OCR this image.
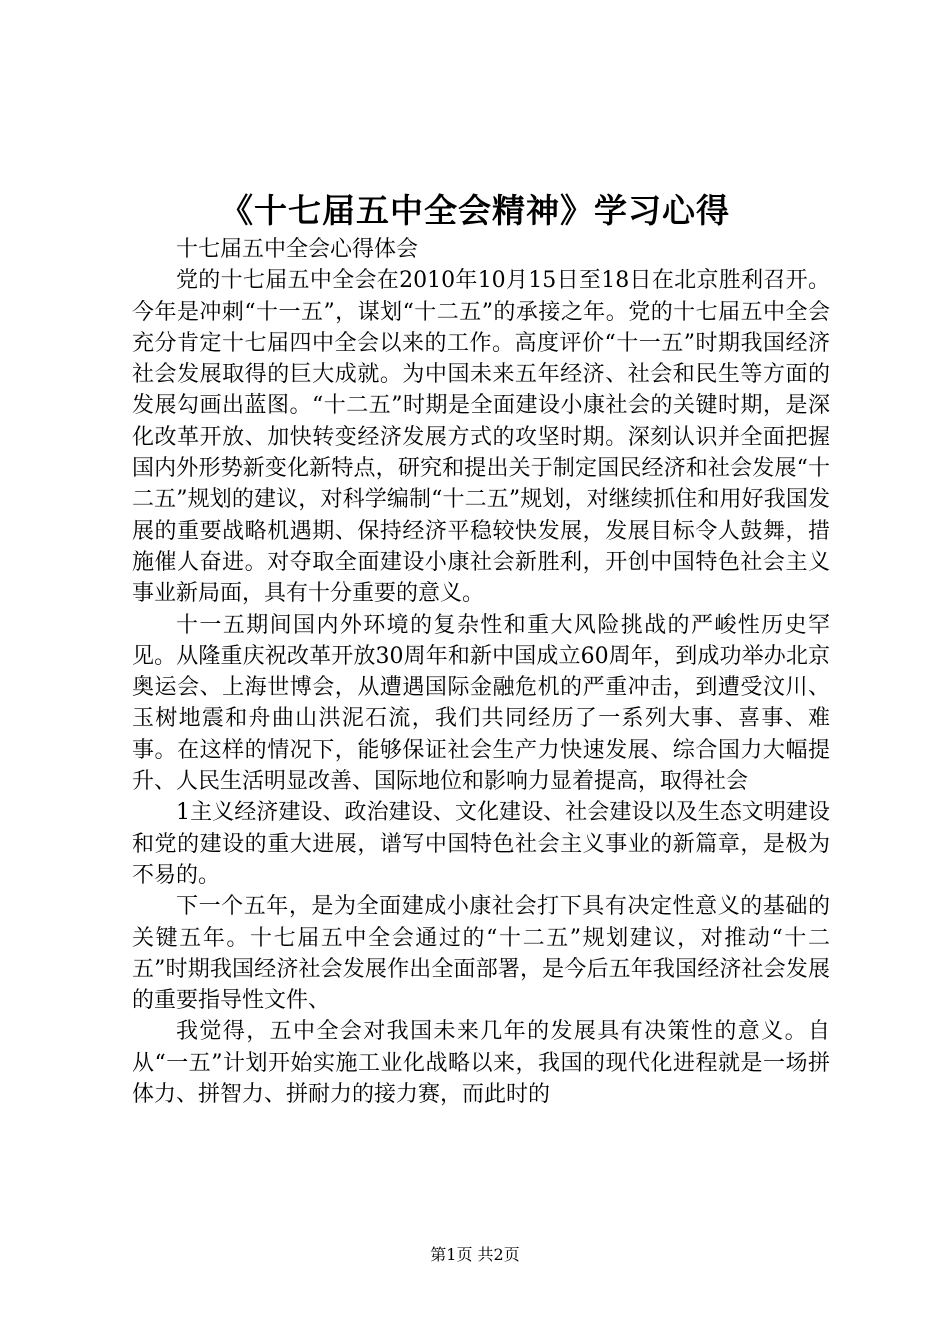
《十七届五中全会精神》学习心得

十七届五中全会心得体会

党的十七届五中全会在2010年10月15日至18日在北京胜利召开。今年是冲刺“十一五”，谋划“十二五”的承接之年。党的十七届五中全会充分肯定十七届四中全会以来的工作。高度评价“十一五”时期我国经济社会发展取得的巨大成就。为中国未来五年经济、社会和民生等方面的发展勾画出蓝图。“十二五”时期是全面建设小康社会的关键时期，是深化改革开放、加快转变经济发展方式的攻坚时期。深刻认识并全面把握国内外形势新变化新特点，研究和提出关于制定国民经济和社会发展“十二五”规划的建议，对科学编制“十二五”规划，对继续抓住和用好我国发展的重要战略机遇期、保持经济平稳较快发展，发展目标令人鼓舞，措施催人奋进。对夺取全面建设小康社会新胜利，开创中国特色社会主义事业新局面，具有十分重要的意义。

十一五期间国内外环境的复杂性和重大风险挑战的严峻性历史罕见。从隆重庆祝改革开放30周年和新中国成立60周年，到成功举办北京奥运会、上海世博会，从遭遇国际金融危机的严重冲击，到遭受汶川、玉树地震和舟曲山洪泥石流，我们共同经历了一系列大事、喜事、难事。在这样的情况下，能够保证社会生产力快速发展、综合国力大幅提升、人民生活明显改善、国际地位和影响力显着提高，取得社会

1主义经济建设、政治建设、文化建设、社会建设以及生态文明建设和党的建设的重大进展，谱写中国特色社会主义事业的新篇章，是极为不易的。

下一个五年，是为全面建成小康社会打下具有决定性意义的基础的关键五年。十七届五中全会通过的“十二五”规划建议，对推动“十二五”时期我国经济社会发展作出全面部署，是今后五年我国经济社会发展的重要指导性文件、

我觉得，五中全会对我国未来几年的发展具有决策性的意义。自从“一五”计划开始实施工业化战略以来，我国的现代化进程就是一场拼体力、拼智力、拼耐力的接力赛，而此时的

第1页 共2页
